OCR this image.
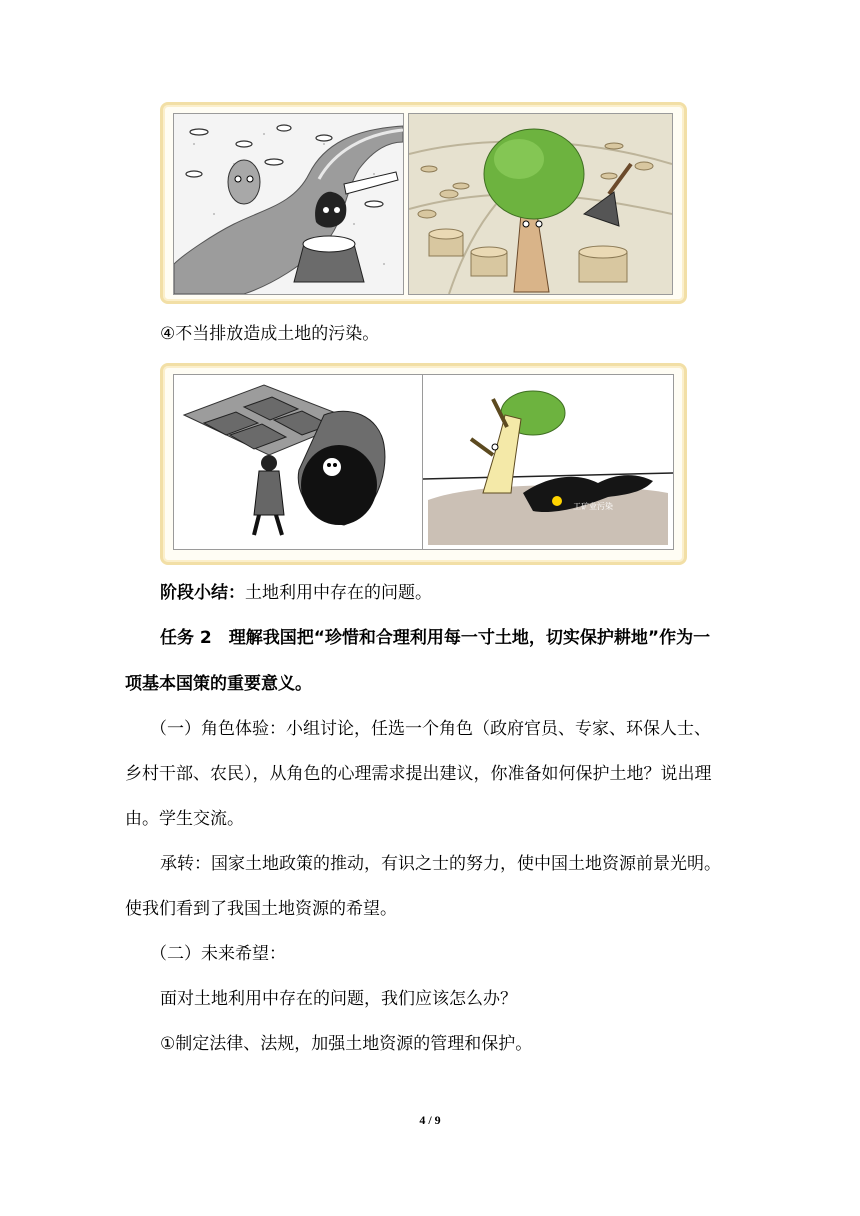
④不当排放造成土地的污染。
工矿业污染
阶段小结：土地利用中存在的问题。
任务 2　理解我国把“珍惜和合理利用每一寸土地，切实保护耕地”作为一
项基本国策的重要意义。
（一）角色体验：小组讨论，任选一个角色（政府官员、专家、环保人士、
乡村干部、农民），从角色的心理需求提出建议，你准备如何保护土地？说出理
由。学生交流。
承转：国家土地政策的推动，有识之士的努力，使中国土地资源前景光明。
使我们看到了我国土地资源的希望。
（二）未来希望：
面对土地利用中存在的问题，我们应该怎么办？
①制定法律、法规，加强土地资源的管理和保护。
4 / 9
